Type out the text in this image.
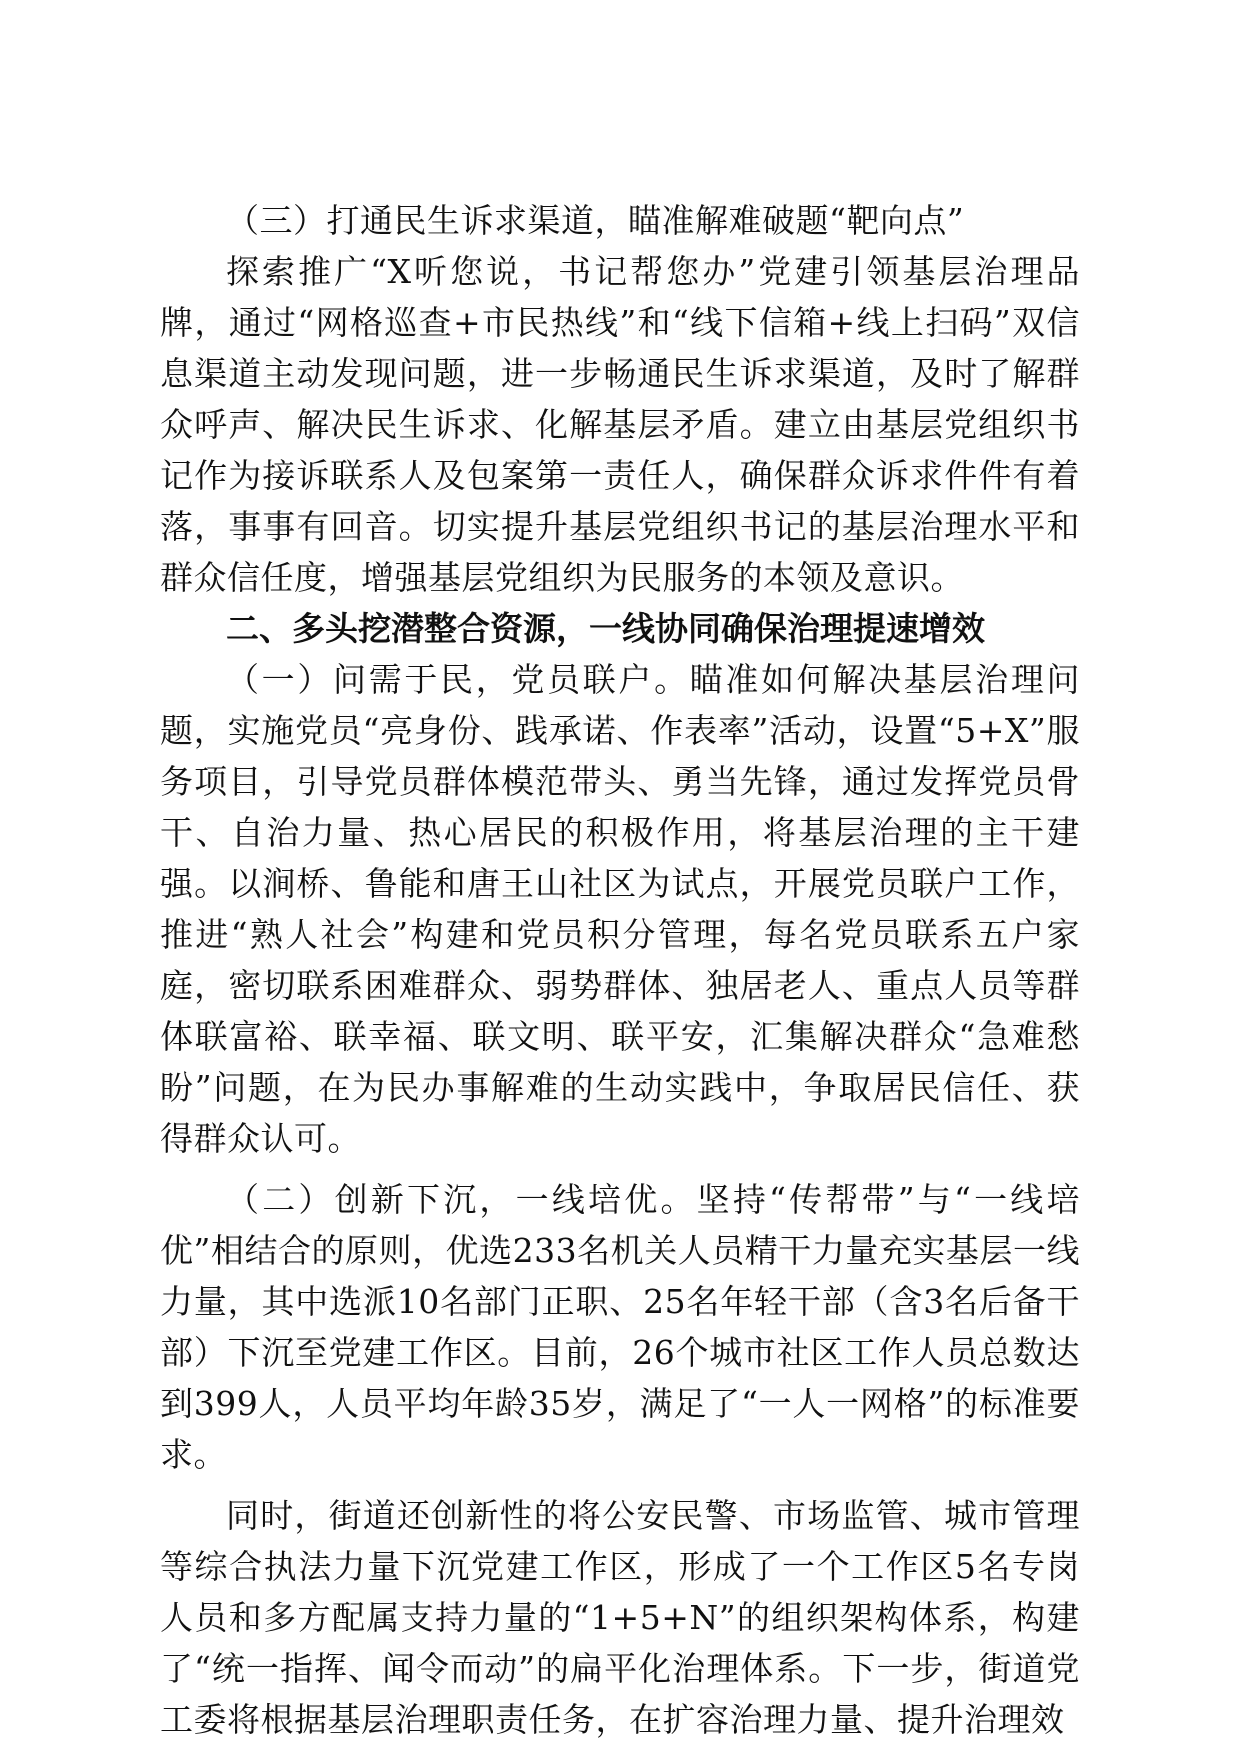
（三）打通民生诉求渠道，瞄准解难破题“靶向点”

探索推广“X听您说，书记帮您办”党建引领基层治理品牌，通过“网格巡查+市民热线”和“线下信箱+线上扫码”双信息渠道主动发现问题，进一步畅通民生诉求渠道，及时了解群众呼声、解决民生诉求、化解基层矛盾。建立由基层党组织书记作为接诉联系人及包案第一责任人，确保群众诉求件件有着落，事事有回音。切实提升基层党组织书记的基层治理水平和群众信任度，增强基层党组织为民服务的本领及意识。

二、多头挖潜整合资源，一线协同确保治理提速增效

（一）问需于民，党员联户。瞄准如何解决基层治理问题，实施党员“亮身份、践承诺、作表率”活动，设置“5+X”服务项目，引导党员群体模范带头、勇当先锋，通过发挥党员骨干、自治力量、热心居民的积极作用，将基层治理的主干建强。以涧桥、鲁能和唐王山社区为试点，开展党员联户工作，推进“熟人社会”构建和党员积分管理，每名党员联系五户家庭，密切联系困难群众、弱势群体、独居老人、重点人员等群体联富裕、联幸福、联文明、联平安，汇集解决群众“急难愁盼”问题，在为民办事解难的生动实践中，争取居民信任、获得群众认可。

（二）创新下沉，一线培优。坚持“传帮带”与“一线培优”相结合的原则，优选233名机关人员精干力量充实基层一线力量，其中选派10名部门正职、25名年轻干部（含3名后备干部）下沉至党建工作区。目前，26个城市社区工作人员总数达到399人，人员平均年龄35岁，满足了“一人一网格”的标准要求。

同时，街道还创新性的将公安民警、市场监管、城市管理等综合执法力量下沉党建工作区，形成了一个工作区5名专岗人员和多方配属支持力量的“1+5+N”的组织架构体系，构建了“统一指挥、闻令而动”的扁平化治理体系。下一步，街道党工委将根据基层治理职责任务，在扩容治理力量、提升治理效
